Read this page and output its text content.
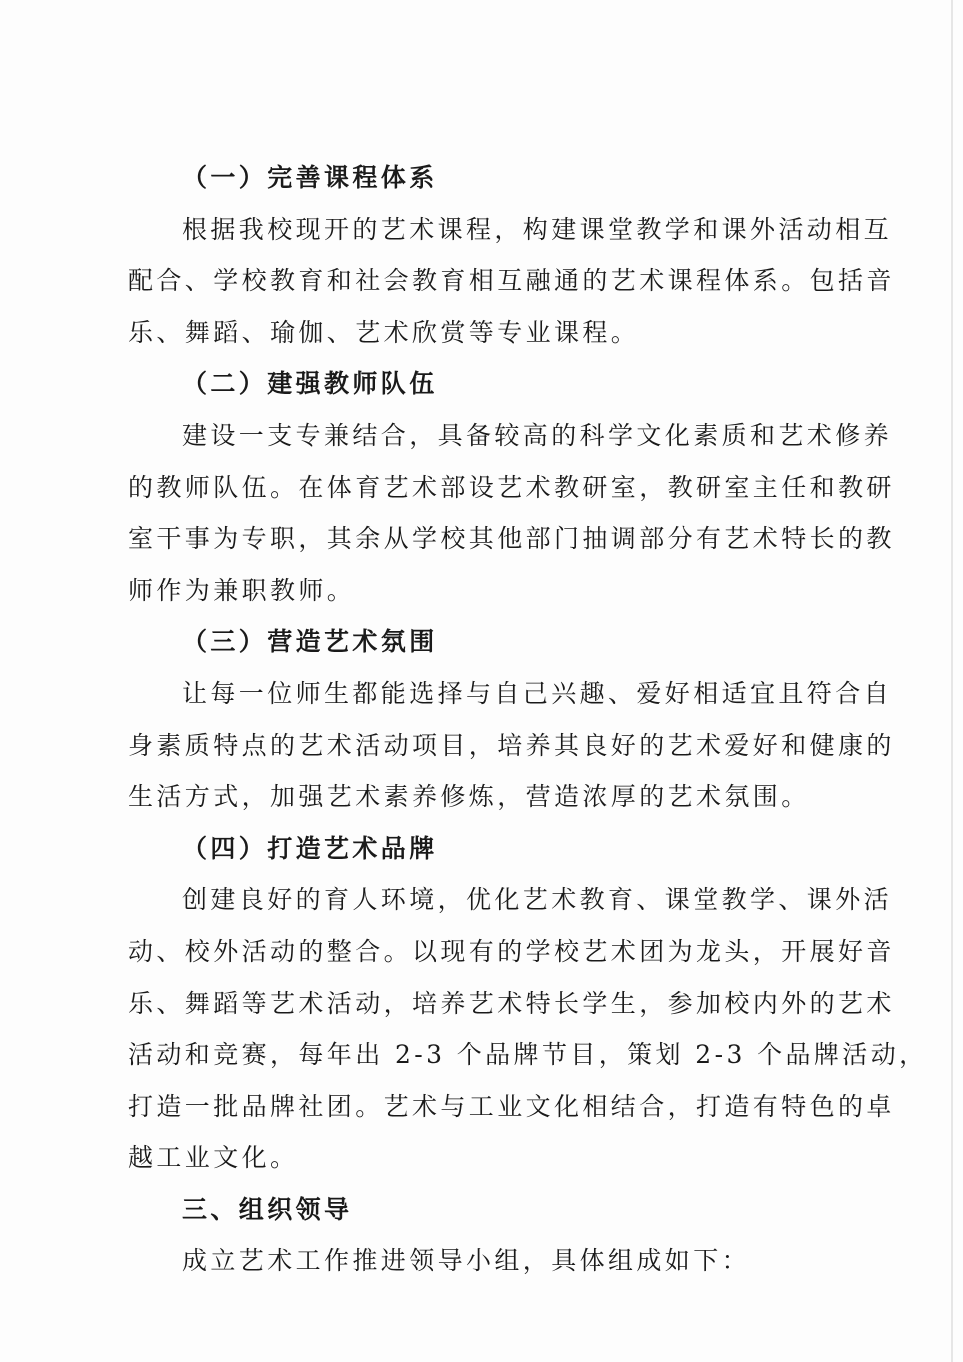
（一）完善课程体系
根据我校现开的艺术课程，构建课堂教学和课外活动相互
配合、学校教育和社会教育相互融通的艺术课程体系。包括音
乐、舞蹈、瑜伽、艺术欣赏等专业课程。
（二）建强教师队伍
建设一支专兼结合，具备较高的科学文化素质和艺术修养
的教师队伍。在体育艺术部设艺术教研室，教研室主任和教研
室干事为专职，其余从学校其他部门抽调部分有艺术特长的教
师作为兼职教师。
（三）营造艺术氛围
让每一位师生都能选择与自己兴趣、爱好相适宜且符合自
身素质特点的艺术活动项目，培养其良好的艺术爱好和健康的
生活方式，加强艺术素养修炼，营造浓厚的艺术氛围。
（四）打造艺术品牌
创建良好的育人环境，优化艺术教育、课堂教学、课外活
动、校外活动的整合。以现有的学校艺术团为龙头，开展好音
乐、舞蹈等艺术活动，培养艺术特长学生，参加校内外的艺术
活动和竞赛，每年出 2-3 个品牌节目，策划 2-3 个品牌活动，
打造一批品牌社团。艺术与工业文化相结合，打造有特色的卓
越工业文化。
三、组织领导
成立艺术工作推进领导小组，具体组成如下：
